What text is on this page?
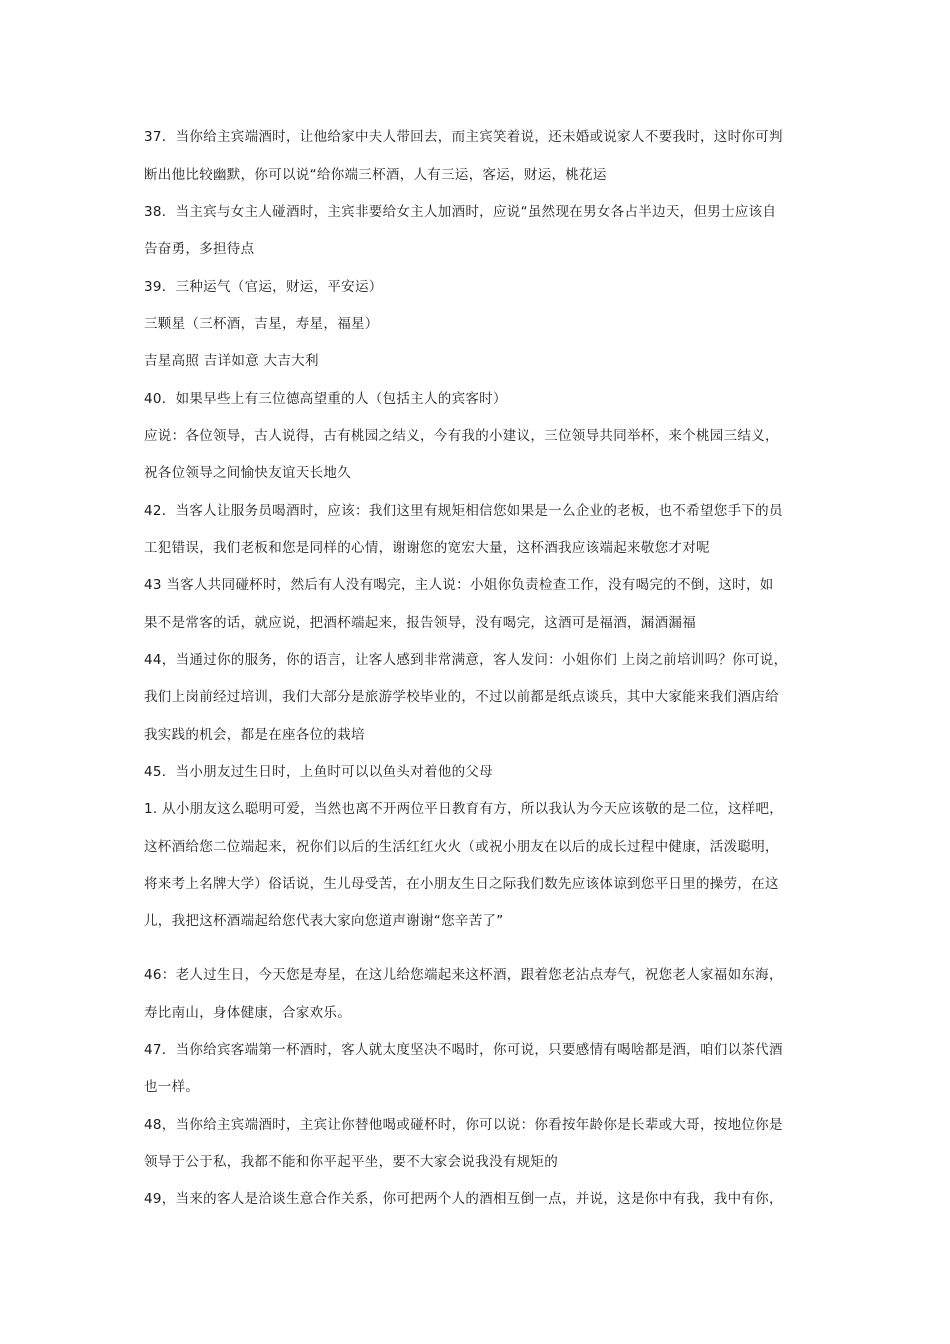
37．当你给主宾端酒时，让他给家中夫人带回去，而主宾笑着说，还未婚或说家人不要我时，这时你可判
断出他比较幽默，你可以说“给你端三杯酒，人有三运，客运，财运，桃花运
38．当主宾与女主人碰酒时，主宾非要给女主人加酒时，应说“虽然现在男女各占半边天，但男士应该自
告奋勇，多担待点
39．三种运气（官运，财运，平安运）
三颗星（三杯酒，吉星，寿星，福星）
吉星高照 吉详如意 大吉大利
40．如果早些上有三位德高望重的人（包括主人的宾客时）
应说：各位领导，古人说得，古有桃园之结义，今有我的小建议，三位领导共同举杯，来个桃园三结义，
祝各位领导之间愉快友谊天长地久
42．当客人让服务员喝酒时，应该：我们这里有规矩相信您如果是一么企业的老板，也不希望您手下的员
工犯错误，我们老板和您是同样的心情，谢谢您的宽宏大量，这杯酒我应该端起来敬您才对呢
43 当客人共同碰杯时，然后有人没有喝完，主人说：小姐你负责检查工作，没有喝完的不倒，这时，如
果不是常客的话，就应说，把酒杯端起来，报告领导，没有喝完，这酒可是福酒，漏酒漏福
44，当通过你的服务，你的语言，让客人感到非常满意，客人发问：小姐你们 上岗之前培训吗？你可说，
我们上岗前经过培训，我们大部分是旅游学校毕业的，不过以前都是纸点谈兵，其中大家能来我们酒店给
我实践的机会，都是在座各位的栽培
45．当小朋友过生日时，上鱼时可以以鱼头对着他的父母
1. 从小朋友这么聪明可爱，当然也离不开两位平日教育有方，所以我认为今天应该敬的是二位，这样吧，
这杯酒给您二位端起来，祝你们以后的生活红红火火（或祝小朋友在以后的成长过程中健康，活泼聪明，
将来考上名牌大学）俗话说，生儿母受苦，在小朋友生日之际我们数先应该体谅到您平日里的操劳，在这
儿，我把这杯酒端起给您代表大家向您道声谢谢“您辛苦了”
46：老人过生日，今天您是寿星，在这儿给您端起来这杯酒，跟着您老沾点寿气，祝您老人家福如东海，
寿比南山，身体健康，合家欢乐。
47．当你给宾客端第一杯酒时，客人就太度坚决不喝时，你可说，只要感情有喝啥都是酒，咱们以茶代酒
也一样。
48，当你给主宾端酒时，主宾让你替他喝或碰杯时，你可以说：你看按年龄你是长辈或大哥，按地位你是
领导于公于私，我都不能和你平起平坐，要不大家会说我没有规矩的
49，当来的客人是洽谈生意合作关系，你可把两个人的酒相互倒一点，并说，这是你中有我，我中有你，
